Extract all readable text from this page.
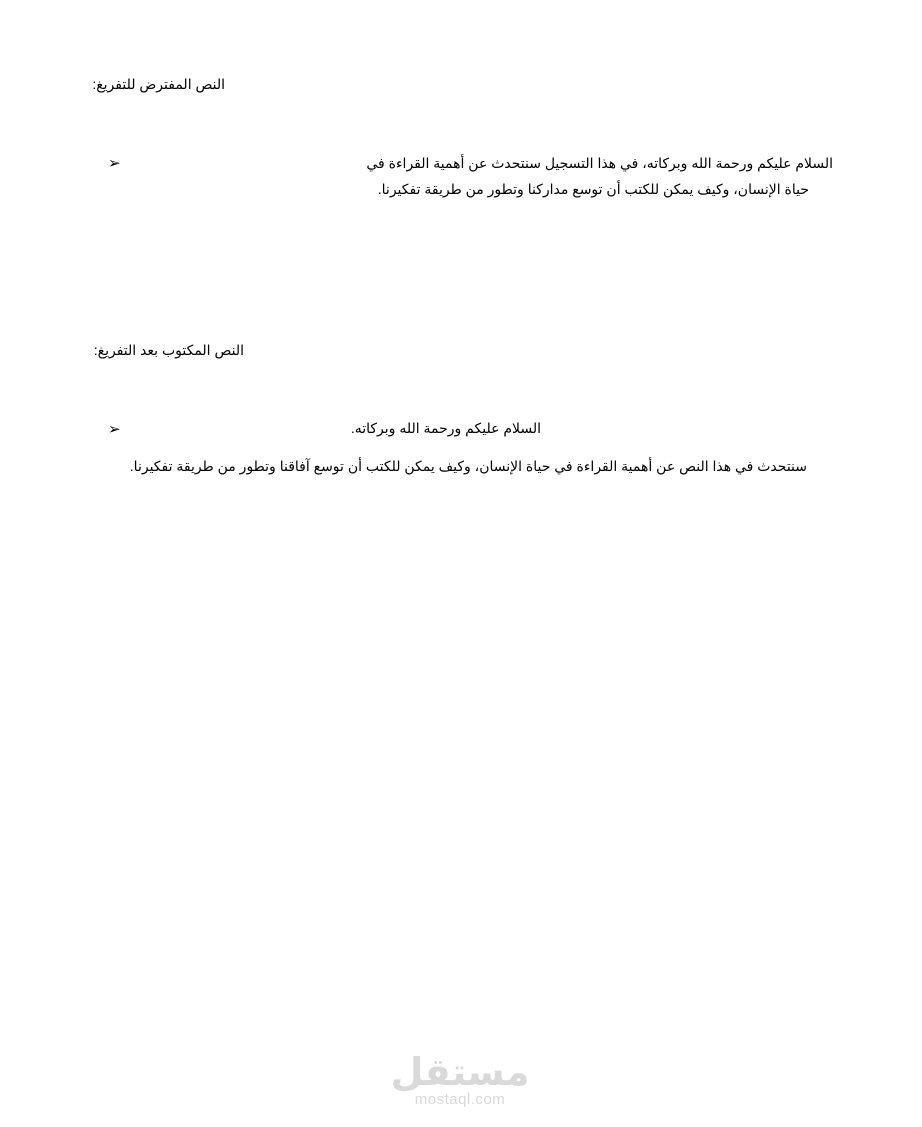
النص المفترض للتفريغ:
➢	السلام عليكم ورحمة الله وبركاته، في هذا التسجيل سنتحدث عن أهمية القراءة في
حياة الإنسان، وكيف يمكن للكتب أن توسع مداركنا وتطور من طريقة تفكيرنا.
النص المكتوب بعد التفريغ:
➢	السلام عليكم ورحمة الله وبركاته.
سنتحدث في هذا النص عن أهمية القراءة في حياة الإنسان، وكيف يمكن للكتب أن توسع آفاقنا وتطور من طريقة تفكيرنا.
مستقل
mostaql.com
